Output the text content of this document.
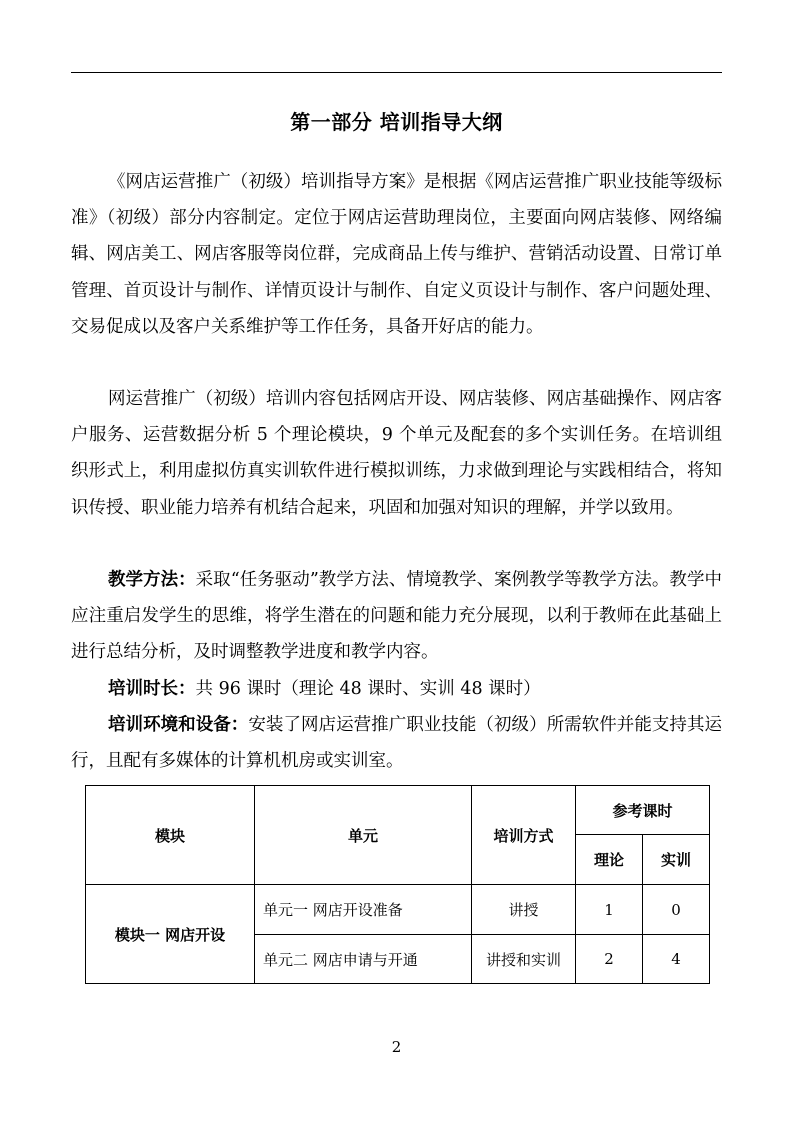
第一部分 培训指导大纲

《网店运营推广（初级）培训指导方案》是根据《网店运营推广职业技能等级标准》（初级）部分内容制定。定位于网店运营助理岗位，主要面向网店装修、网络编辑、网店美工、网店客服等岗位群，完成商品上传与维护、营销活动设置、日常订单管理、首页设计与制作、详情页设计与制作、自定义页设计与制作、客户问题处理、交易促成以及客户关系维护等工作任务，具备开好店的能力。

网运营推广（初级）培训内容包括网店开设、网店装修、网店基础操作、网店客户服务、运营数据分析 5 个理论模块，9 个单元及配套的多个实训任务。在培训组织形式上，利用虚拟仿真实训软件进行模拟训练，力求做到理论与实践相结合，将知识传授、职业能力培养有机结合起来，巩固和加强对知识的理解，并学以致用。

教学方法：采取“任务驱动”教学方法、情境教学、案例教学等教学方法。教学中应注重启发学生的思维，将学生潜在的问题和能力充分展现，以利于教师在此基础上进行总结分析，及时调整教学进度和教学内容。

培训时长：共 96 课时（理论 48 课时、实训 48 课时）

培训环境和设备：安装了网店运营推广职业技能（初级）所需软件并能支持其运行，且配有多媒体的计算机机房或实训室。

模块	单元	培训方式	参考课时	
			理论	实训
模块一 网店开设	单元一 网店开设准备	讲授	1	0
	单元二 网店申请与开通	讲授和实训	2	4
2
